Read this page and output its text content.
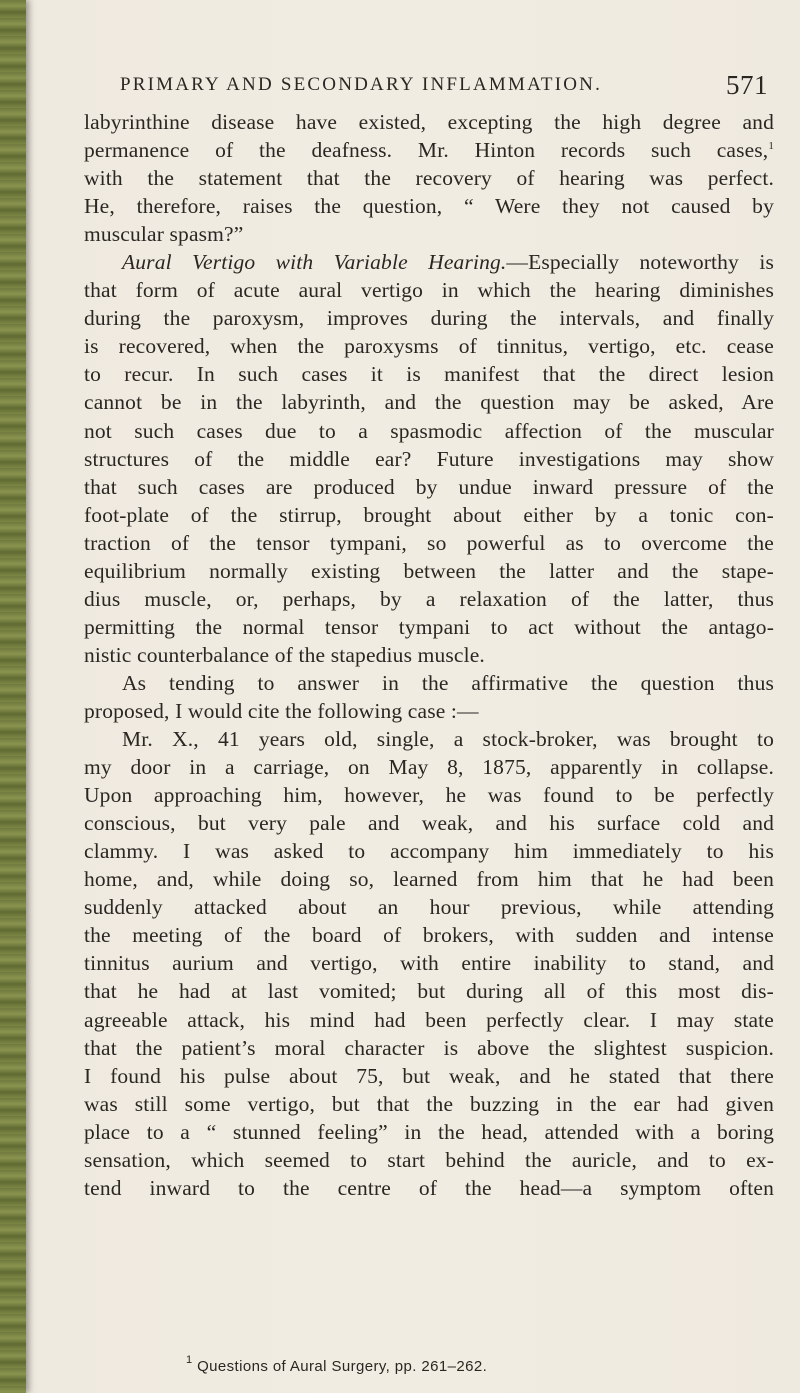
PRIMARY AND SECONDARY INFLAMMATION.	571
labyrinthine disease have existed, excepting the high degree and
permanence of the deafness. Mr. Hinton records such cases,$^1$
with the statement that the recovery of hearing was perfect.
He, therefore, raises the question, “ Were they not caused by
muscular spasm?”
Aural Vertigo with Variable Hearing.—Especially noteworthy is
that form of acute aural vertigo in which the hearing diminishes
during the paroxysm, improves during the intervals, and finally
is recovered, when the paroxysms of tinnitus, vertigo, etc. cease
to recur. In such cases it is manifest that the direct lesion
cannot be in the labyrinth, and the question may be asked, Are
not such cases due to a spasmodic affection of the muscular
structures of the middle ear? Future investigations may show
that such cases are produced by undue inward pressure of the
foot-plate of the stirrup, brought about either by a tonic con-
traction of the tensor tympani, so powerful as to overcome the
equilibrium normally existing between the latter and the stape-
dius muscle, or, perhaps, by a relaxation of the latter, thus
permitting the normal tensor tympani to act without the antago-
nistic counterbalance of the stapedius muscle.
As tending to answer in the affirmative the question thus
proposed, I would cite the following case :—
Mr. X., 41 years old, single, a stock-broker, was brought to
my door in a carriage, on May 8, 1875, apparently in collapse.
Upon approaching him, however, he was found to be perfectly
conscious, but very pale and weak, and his surface cold and
clammy. I was asked to accompany him immediately to his
home, and, while doing so, learned from him that he had been
suddenly attacked about an hour previous, while attending
the meeting of the board of brokers, with sudden and intense
tinnitus aurium and vertigo, with entire inability to stand, and
that he had at last vomited; but during all of this most dis-
agreeable attack, his mind had been perfectly clear. I may state
that the patient’s moral character is above the slightest suspicion.
I found his pulse about 75, but weak, and he stated that there
was still some vertigo, but that the buzzing in the ear had given
place to a “ stunned feeling” in the head, attended with a boring
sensation, which seemed to start behind the auricle, and to ex-
tend inward to the centre of the head—a symptom often
$^1$ Questions of Aural Surgery, pp. 261–262.
